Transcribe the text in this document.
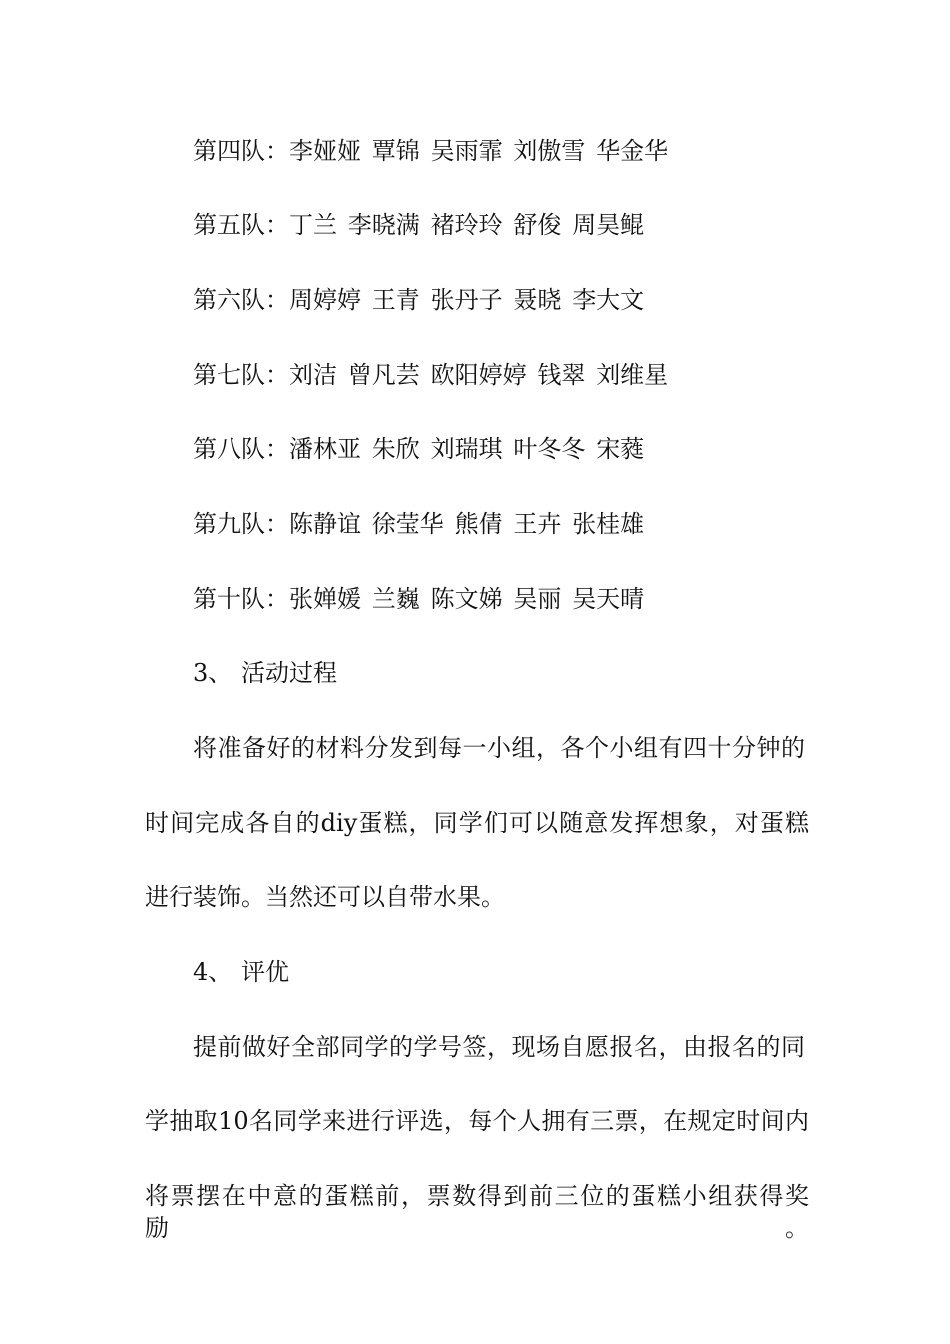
第四队：李娅娅 覃锦 吴雨霏 刘傲雪 华金华
第五队：丁兰 李晓满 褚玲玲 舒俊 周昊鲲
第六队：周婷婷 王青 张丹子 聂晓 李大文
第七队：刘洁 曾凡芸 欧阳婷婷 钱翠 刘维星
第八队：潘林亚 朱欣 刘瑞琪 叶冬冬 宋蕤
第九队：陈静谊 徐莹华 熊倩 王卉 张桂雄
第十队：张婵媛 兰巍 陈文娣 吴丽 吴天晴
3、 活动过程
将准备好的材料分发到每一小组，各个小组有四十分钟的
时间完成各自的diy蛋糕，同学们可以随意发挥想象，对蛋糕
进行装饰。当然还可以自带水果。
4、 评优
提前做好全部同学的学号签，现场自愿报名，由报名的同
学抽取10名同学来进行评选，每个人拥有三票，在规定时间内
将票摆在中意的蛋糕前，票数得到前三位的蛋糕小组获得奖励。
